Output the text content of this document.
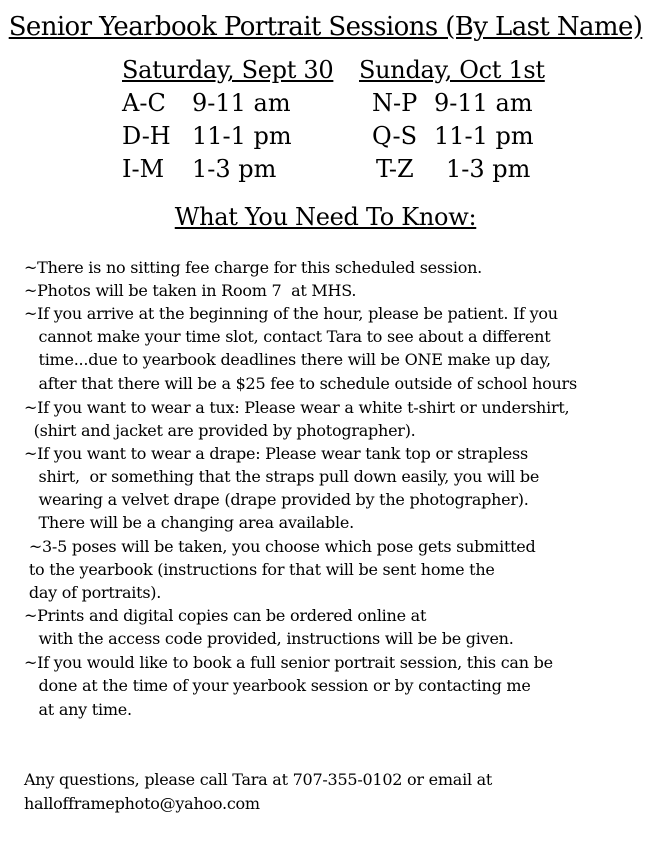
Senior Yearbook Portrait Sessions (By Last Name)
Saturday, Sept 30 Sunday, Oct 1st
A-C 9-11 am
D-H 11-1 pm
I-M 1-3 pm
N-P 9-11 am
Q-S 11-1 pm
T-Z 1-3 pm
What You Need To Know:
~There is no sitting fee charge for this scheduled session.
~Photos will be taken in Room 7  at MHS.
~If you arrive at the beginning of the hour, please be patient. If you
cannot make your time slot, contact Tara to see about a different
time...due to yearbook deadlines there will be ONE make up day,
after that there will be a $25 fee to schedule outside of school hours
~If you want to wear a tux: Please wear a white t-shirt or undershirt,
(shirt and jacket are provided by photographer).
~If you want to wear a drape: Please wear tank top or strapless
shirt,  or something that the straps pull down easily, you will be
wearing a velvet drape (drape provided by the photographer).
There will be a changing area available.
~3-5 poses will be taken, you choose which pose gets submitted
to the yearbook (instructions for that will be sent home the
day of portraits).
~Prints and digital copies can be ordered online at
with the access code provided, instructions will be be given.
~If you would like to book a full senior portrait session, this can be
done at the time of your yearbook session or by contacting me
at any time.
Any questions, please call Tara at 707-355-0102 or email at
hallofframephoto@yahoo.com
